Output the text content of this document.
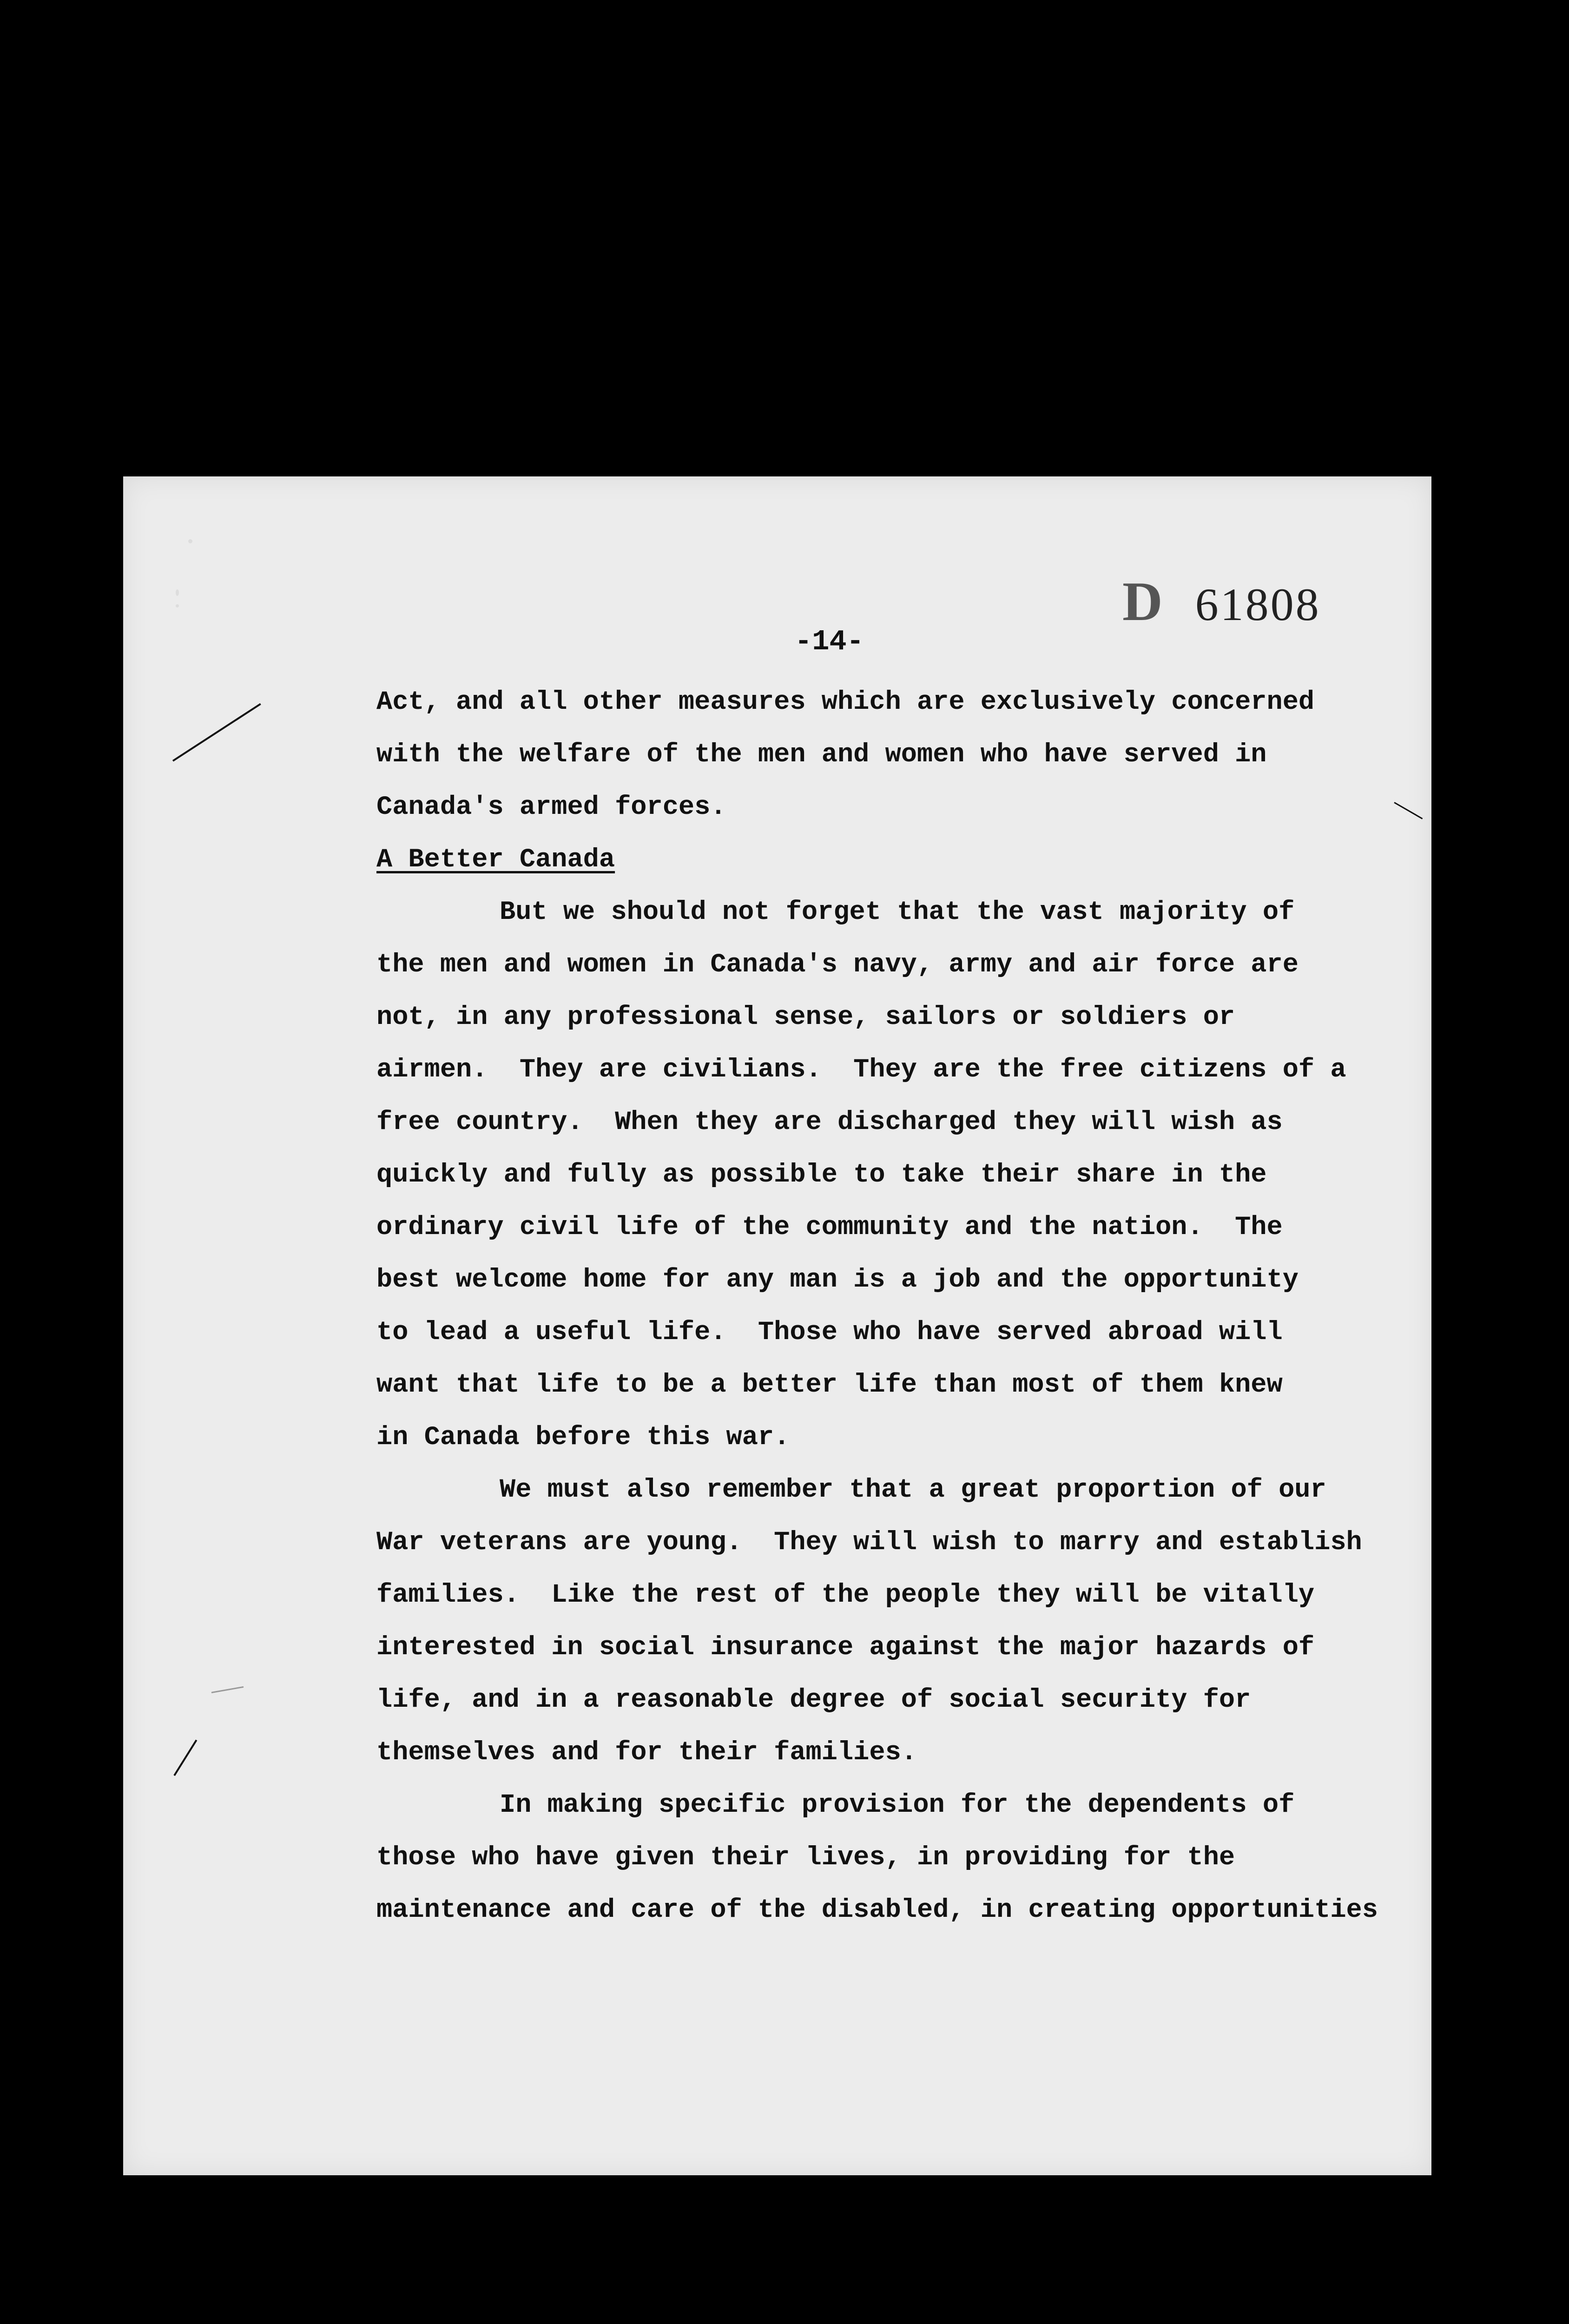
D 61808
-14-
Act, and all other measures which are exclusively concerned
with the welfare of the men and women who have served in
Canada's armed forces.
A Better Canada
But we should not forget that the vast majority of
the men and women in Canada's navy, army and air force are
not, in any professional sense, sailors or soldiers or
airmen.  They are civilians.  They are the free citizens of a
free country.  When they are discharged they will wish as
quickly and fully as possible to take their share in the
ordinary civil life of the community and the nation.  The
best welcome home for any man is a job and the opportunity
to lead a useful life.  Those who have served abroad will
want that life to be a better life than most of them knew
in Canada before this war.
We must also remember that a great proportion of our
War veterans are young.  They will wish to marry and establish
families.  Like the rest of the people they will be vitally
interested in social insurance against the major hazards of
life, and in a reasonable degree of social security for
themselves and for their families.
In making specific provision for the dependents of
those who have given their lives, in providing for the
maintenance and care of the disabled, in creating opportunities
